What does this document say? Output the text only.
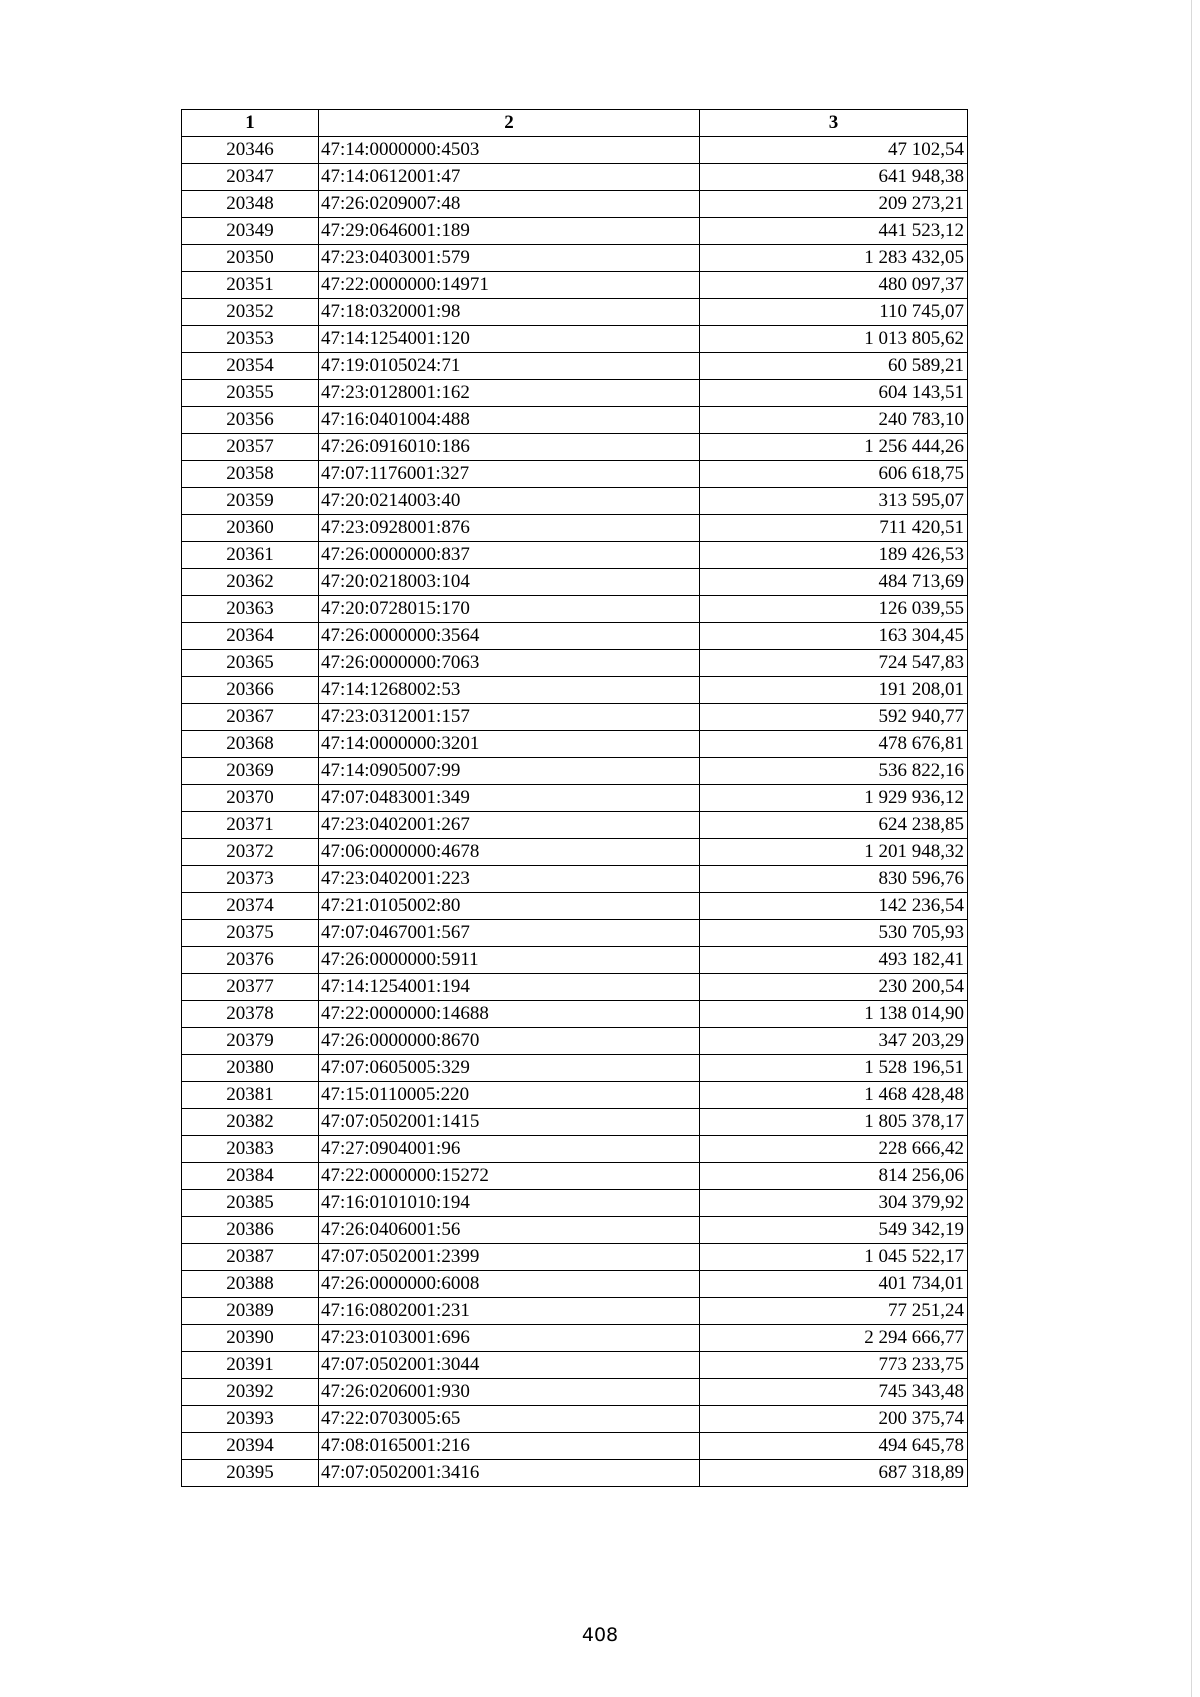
1	2	3
20346	47:14:0000000:4503	47 102,54
20347	47:14:0612001:47	641 948,38
20348	47:26:0209007:48	209 273,21
20349	47:29:0646001:189	441 523,12
20350	47:23:0403001:579	1 283 432,05
20351	47:22:0000000:14971	480 097,37
20352	47:18:0320001:98	110 745,07
20353	47:14:1254001:120	1 013 805,62
20354	47:19:0105024:71	60 589,21
20355	47:23:0128001:162	604 143,51
20356	47:16:0401004:488	240 783,10
20357	47:26:0916010:186	1 256 444,26
20358	47:07:1176001:327	606 618,75
20359	47:20:0214003:40	313 595,07
20360	47:23:0928001:876	711 420,51
20361	47:26:0000000:837	189 426,53
20362	47:20:0218003:104	484 713,69
20363	47:20:0728015:170	126 039,55
20364	47:26:0000000:3564	163 304,45
20365	47:26:0000000:7063	724 547,83
20366	47:14:1268002:53	191 208,01
20367	47:23:0312001:157	592 940,77
20368	47:14:0000000:3201	478 676,81
20369	47:14:0905007:99	536 822,16
20370	47:07:0483001:349	1 929 936,12
20371	47:23:0402001:267	624 238,85
20372	47:06:0000000:4678	1 201 948,32
20373	47:23:0402001:223	830 596,76
20374	47:21:0105002:80	142 236,54
20375	47:07:0467001:567	530 705,93
20376	47:26:0000000:5911	493 182,41
20377	47:14:1254001:194	230 200,54
20378	47:22:0000000:14688	1 138 014,90
20379	47:26:0000000:8670	347 203,29
20380	47:07:0605005:329	1 528 196,51
20381	47:15:0110005:220	1 468 428,48
20382	47:07:0502001:1415	1 805 378,17
20383	47:27:0904001:96	228 666,42
20384	47:22:0000000:15272	814 256,06
20385	47:16:0101010:194	304 379,92
20386	47:26:0406001:56	549 342,19
20387	47:07:0502001:2399	1 045 522,17
20388	47:26:0000000:6008	401 734,01
20389	47:16:0802001:231	77 251,24
20390	47:23:0103001:696	2 294 666,77
20391	47:07:0502001:3044	773 233,75
20392	47:26:0206001:930	745 343,48
20393	47:22:0703005:65	200 375,74
20394	47:08:0165001:216	494 645,78
20395	47:07:0502001:3416	687 318,89
408
